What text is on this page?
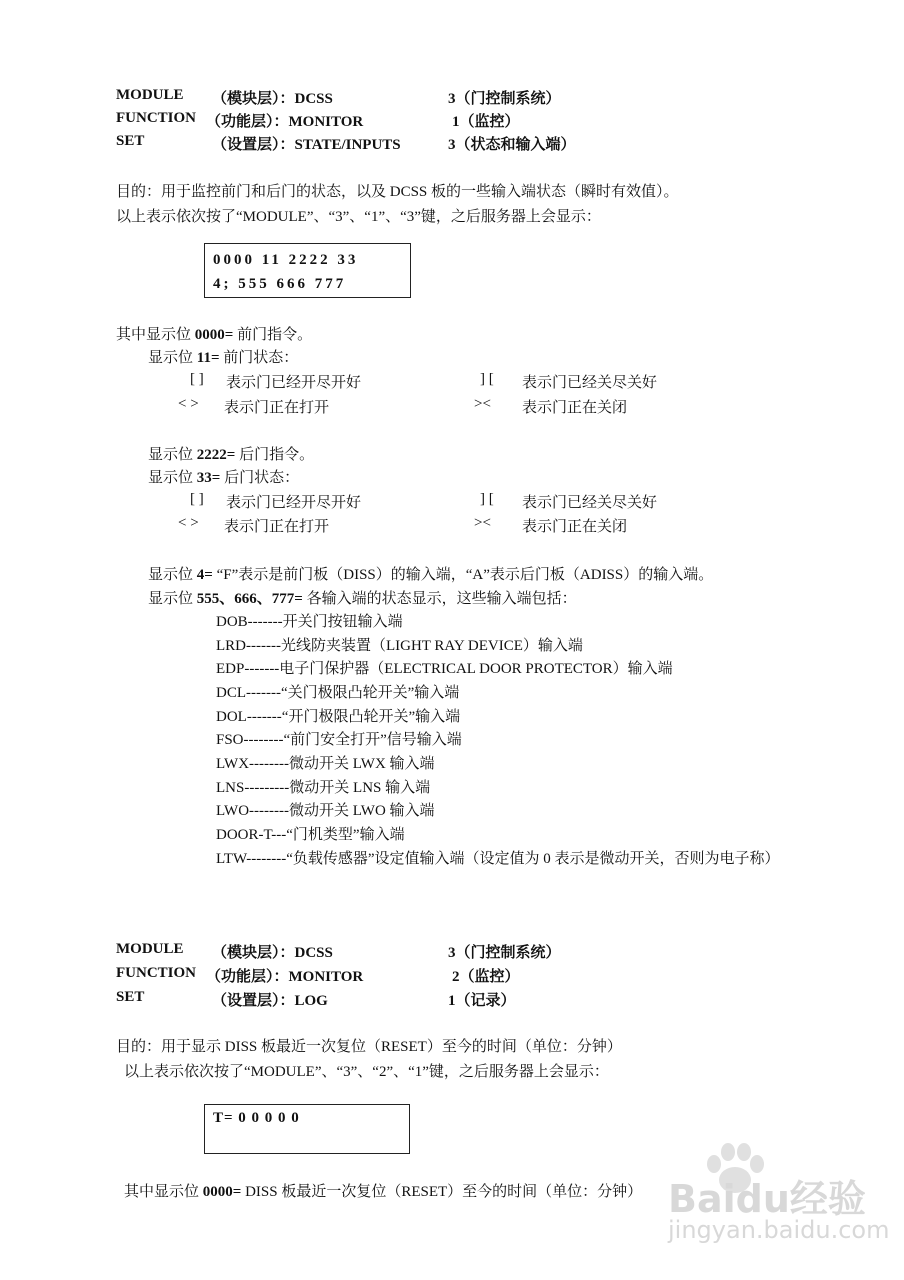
MODULE （模块层）：DCSS	3（门控制系统）
FUNCTION （功能层）：MONITOR	1（监控）
SET	（设置层）：STATE/INPUTS	3（状态和输入端）
目的：用于监控前门和后门的状态，以及 DCSS 板的一些输入端状态（瞬时有效值）。
以上表示依次按了“MODULE”、“3”、“1”、“3”键，之后服务器上会显示：
0000 11 2222 33
4; 555 666 777
其中显示位 0000= 前门指令。
显示位 11= 前门状态：
[ ] 表示门已经开尽开好	] [ 表示门已经关尽关好
< > 表示门正在打开	>< 表示门正在关闭
显示位 2222= 后门指令。
显示位 33= 后门状态：
[ ] 表示门已经开尽开好	] [ 表示门已经关尽关好
< > 表示门正在打开	>< 表示门正在关闭
显示位 4= “F”表示是前门板（DISS）的输入端，“A”表示后门板（ADISS）的输入端。
显示位 555、666、777= 各输入端的状态显示，这些输入端包括：
DOB-------开关门按钮输入端
LRD-------光线防夹装置（LIGHT RAY DEVICE）输入端
EDP-------电子门保护器（ELECTRICAL DOOR PROTECTOR）输入端
DCL-------“关门极限凸轮开关”输入端
DOL-------“开门极限凸轮开关”输入端
FSO--------“前门安全打开”信号输入端
LWX--------微动开关 LWX 输入端
LNS---------微动开关 LNS 输入端
LWO--------微动开关 LWO 输入端
DOOR-T---“门机类型”输入端
LTW--------“负载传感器”设定值输入端（设定值为 0 表示是微动开关，否则为电子称）
MODULE （模块层）：DCSS	3（门控制系统）
FUNCTION （功能层）：MONITOR	2（监控）
SET	（设置层）：LOG	1（记录）
目的：用于显示 DISS 板最近一次复位（RESET）至今的时间（单位：分钟）
以上表示依次按了“MODULE”、“3”、“2”、“1”键，之后服务器上会显示：
T= 0 0 0 0 0
其中显示位 0000= DISS 板最近一次复位（RESET）至今的时间（单位：分钟） Baidu经验
jingyan.baidu.com
